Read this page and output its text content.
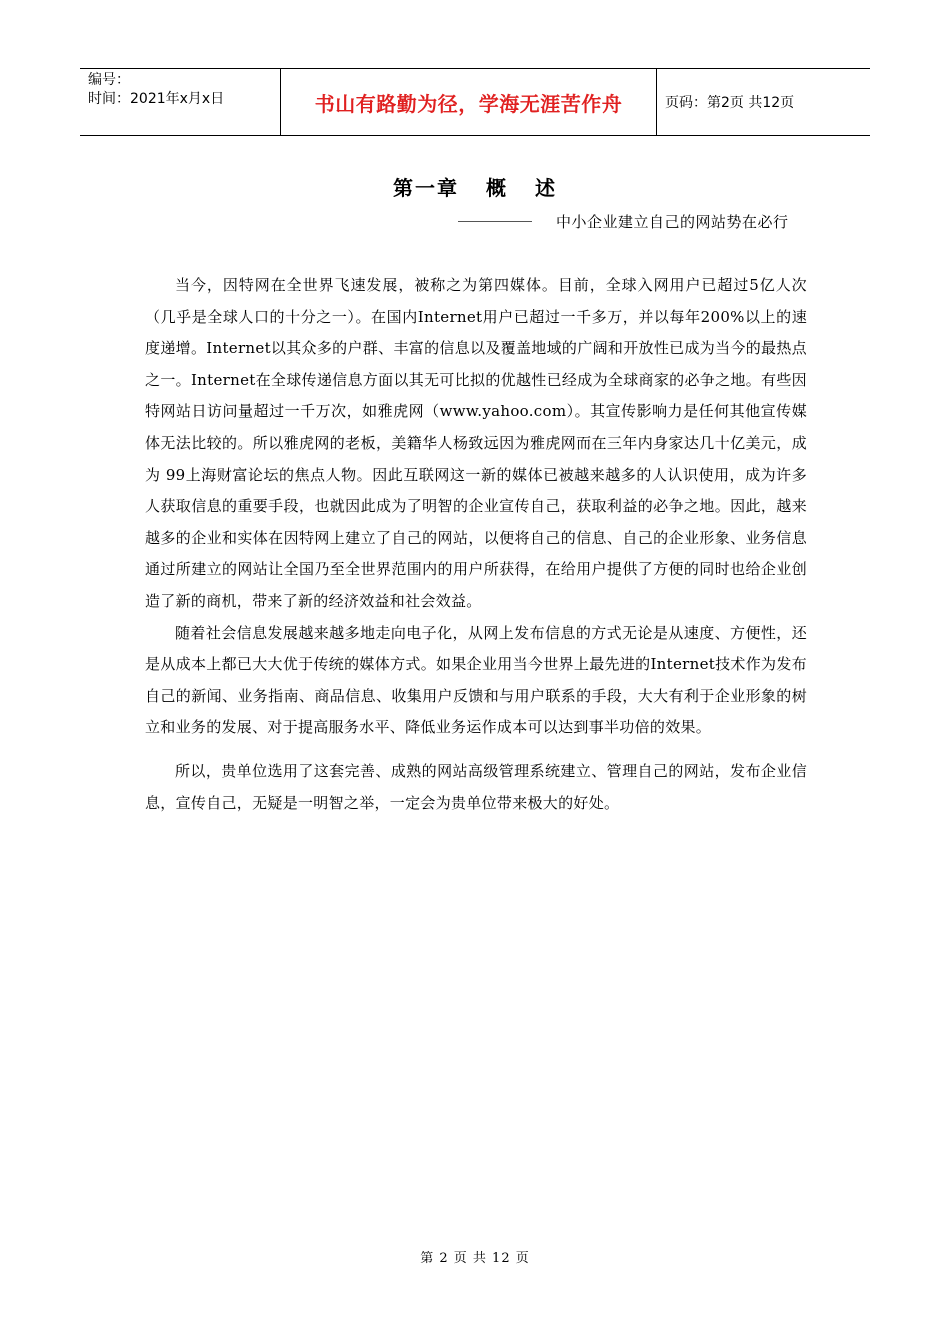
编号：
时间：2021年x月x日	书山有路勤为径，学海无涯苦作舟	页码：第2页 共12页
第一章 概 述
中小企业建立自己的网站势在必行

当今，因特网在全世界飞速发展，被称之为第四媒体。目前，全球入网用户已超过5亿人次（几乎是全球人口的十分之一）。在国内Internet用户已超过一千多万，并以每年200%以上的速度递增。Internet以其众多的户群、丰富的信息以及覆盖地域的广阔和开放性已成为当今的最热点之一。Internet在全球传递信息方面以其无可比拟的优越性已经成为全球商家的必争之地。有些因特网站日访问量超过一千万次，如雅虎网（www.yahoo.com）。其宣传影响力是任何其他宣传媒体无法比较的。所以雅虎网的老板，美籍华人杨致远因为雅虎网而在三年内身家达几十亿美元，成为 99上海财富论坛的焦点人物。因此互联网这一新的媒体已被越来越多的人认识使用，成为许多人获取信息的重要手段，也就因此成为了明智的企业宣传自己，获取利益的必争之地。因此，越来越多的企业和实体在因特网上建立了自己的网站，以便将自己的信息、自己的企业形象、业务信息通过所建立的网站让全国乃至全世界范围内的用户所获得，在给用户提供了方便的同时也给企业创造了新的商机，带来了新的经济效益和社会效益。

随着社会信息发展越来越多地走向电子化，从网上发布信息的方式无论是从速度、方便性，还是从成本上都已大大优于传统的媒体方式。如果企业用当今世界上最先进的Internet技术作为发布自己的新闻、业务指南、商品信息、收集用户反馈和与用户联系的手段，大大有利于企业形象的树立和业务的发展、对于提高服务水平、降低业务运作成本可以达到事半功倍的效果。

所以，贵单位选用了这套完善、成熟的网站高级管理系统建立、管理自己的网站，发布企业信息，宣传自己，无疑是一明智之举，一定会为贵单位带来极大的好处。

第 2 页 共 12 页
